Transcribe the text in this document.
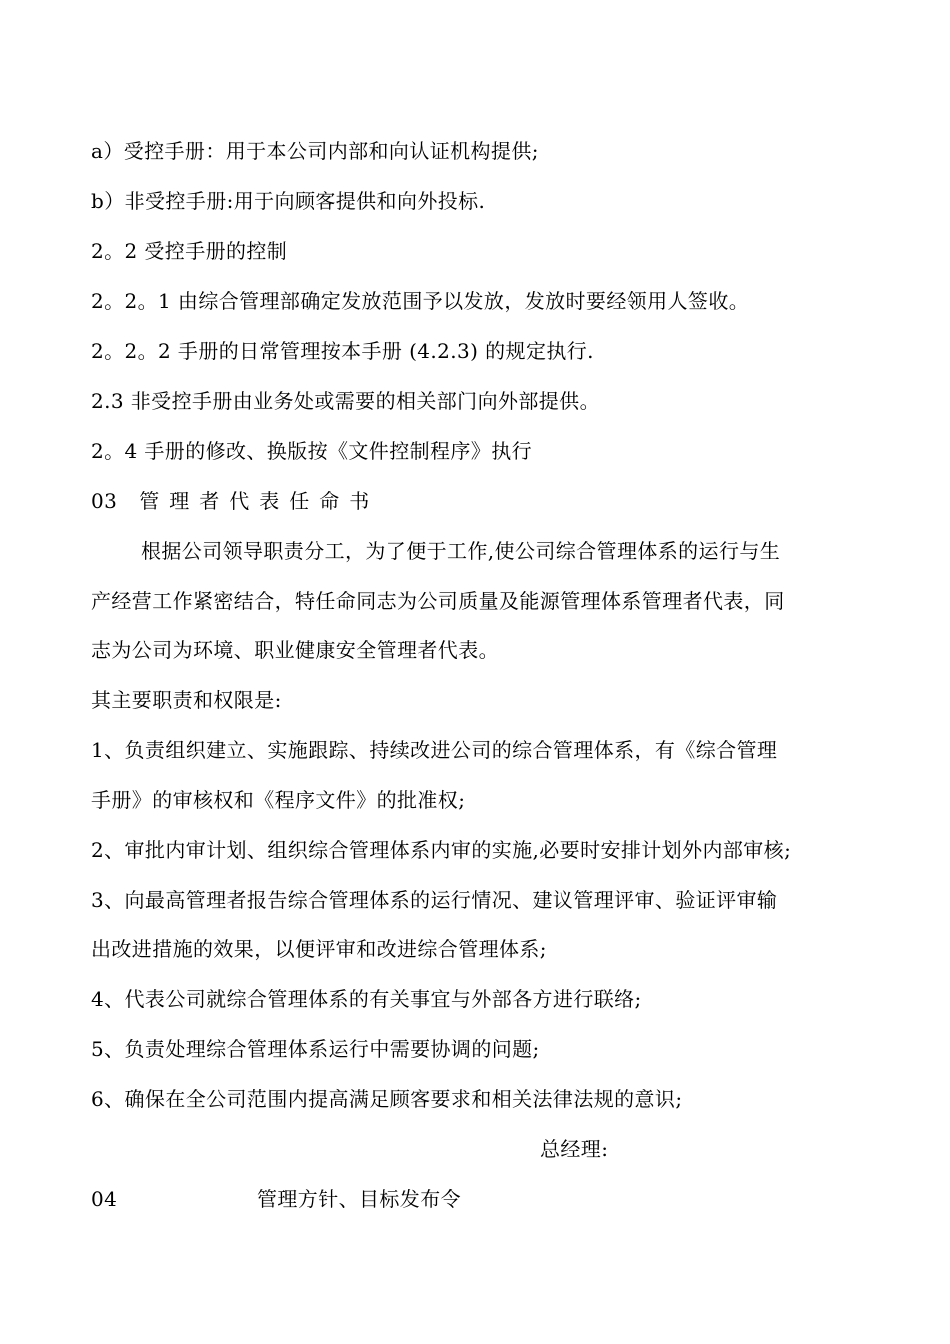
a）受控手册：用于本公司内部和向认证机构提供;
b）非受控手册:用于向顾客提供和向外投标.
2。2 受控手册的控制
2。2。1 由综合管理部确定发放范围予以发放，发放时要经领用人签收。
2。2。2 手册的日常管理按本手册 (4.2.3) 的规定执行.
2.3 非受控手册由业务处或需要的相关部门向外部提供。
2。4 手册的修改、换版按《文件控制程序》执行
03 管理者代表任命书
根据公司领导职责分工，为了便于工作,使公司综合管理体系的运行与生
产经营工作紧密结合，特任命同志为公司质量及能源管理体系管理者代表，同
志为公司为环境、职业健康安全管理者代表。
其主要职责和权限是:
1、负责组织建立、实施跟踪、持续改进公司的综合管理体系，有《综合管理
手册》的审核权和《程序文件》的批准权;
2、审批内审计划、组织综合管理体系内审的实施,必要时安排计划外内部审核;
3、向最高管理者报告综合管理体系的运行情况、建议管理评审、验证评审输
出改进措施的效果，以便评审和改进综合管理体系;
4、代表公司就综合管理体系的有关事宜与外部各方进行联络;
5、负责处理综合管理体系运行中需要协调的问题;
6、确保在全公司范围内提高满足顾客要求和相关法律法规的意识;
总经理:
04	管理方针、目标发布令
